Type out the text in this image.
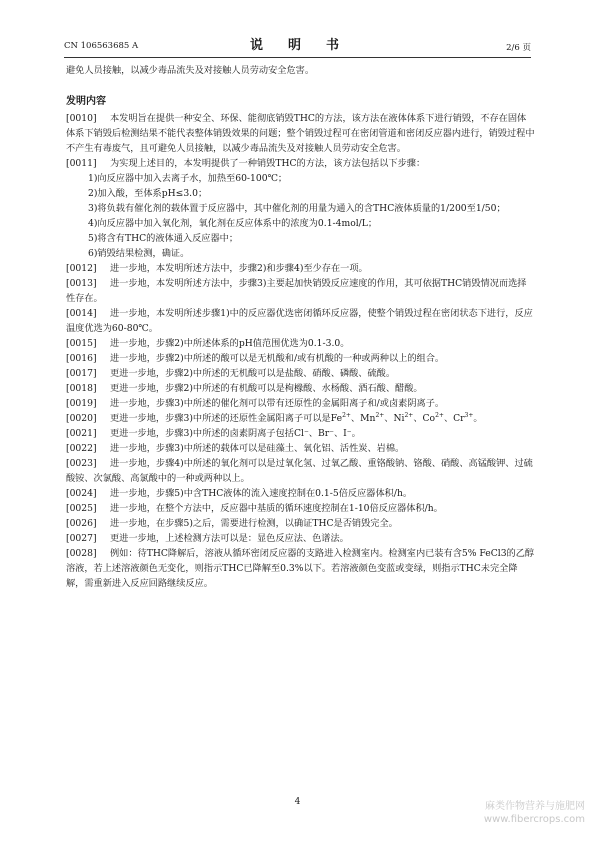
CN 106563685 A	说　明　书	2/6 页

避免人员接触，以减少毒品流失及对接触人员劳动安全危害。

发明内容

[0010] 本发明旨在提供一种安全、环保、能彻底销毁THC的方法，该方法在液体体系下进行销毁，不存在固体体系下销毁后检测结果不能代表整体销毁效果的问题；整个销毁过程可在密闭管道和密闭反应器内进行，销毁过程中不产生有毒废气，且可避免人员接触，以减少毒品流失及对接触人员劳动安全危害。

[0011] 为实现上述目的，本发明提供了一种销毁THC的方法，该方法包括以下步骤：

1)向反应器中加入去离子水，加热至60-100℃；

2)加入酸，至体系pH≤3.0；

3)将负载有催化剂的载体置于反应器中，其中催化剂的用量为通入的含THC液体质量的1/200至1/50；

4)向反应器中加入氧化剂，氧化剂在反应体系中的浓度为0.1-4mol/L；

5)将含有THC的液体通入反应器中；

6)销毁结果检测，确证。

[0012] 进一步地，本发明所述方法中，步骤2)和步骤4)至少存在一项。

[0013] 进一步地，本发明所述方法中，步骤3)主要起加快销毁反应速度的作用，其可依据THC销毁情况而选择性存在。

[0014] 进一步地，本发明所述步骤1)中的反应器优选密闭循环反应器，使整个销毁过程在密闭状态下进行，反应温度优选为60-80℃。

[0015] 进一步地，步骤2)中所述体系的pH值范围优选为0.1-3.0。

[0016] 进一步地，步骤2)中所述的酸可以是无机酸和/或有机酸的一种或两种以上的组合。

[0017] 更进一步地，步骤2)中所述的无机酸可以是盐酸、硝酸、磷酸、硫酸。

[0018] 更进一步地，步骤2)中所述的有机酸可以是枸橼酸、水杨酸、酒石酸、醋酸。

[0019] 进一步地，步骤3)中所述的催化剂可以带有还原性的金属阳离子和/或卤素阴离子。

[0020] 更进一步地，步骤3)中所述的还原性金属阳离子可以是$Fe^{2+}$、$Mn^{2+}$、$Ni^{2+}$、$Co^{2+}$、$Cr^{3+}$。

[0021] 更进一步地，步骤3)中所述的卤素阴离子包括Cl⁻、Br⁻、I⁻。

[0022] 进一步地，步骤3)中所述的载体可以是硅藻土、氧化铝、活性炭、岩棉。

[0023] 进一步地，步骤4)中所述的氧化剂可以是过氧化氢、过氧乙酸、重铬酸钠、铬酸、硝酸、高锰酸钾、过硫酸铵、次氯酸、高氯酸中的一种或两种以上。

[0024] 进一步地，步骤5)中含THC液体的流入速度控制在0.1-5倍反应器体积/h。

[0025] 进一步地，在整个方法中，反应器中基质的循环速度控制在1-10倍反应器体积/h。

[0026] 进一步地，在步骤5)之后，需要进行检测，以确证THC是否销毁完全。

[0027] 更进一步地，上述检测方法可以是：显色反应法、色谱法。

[0028] 例如：待THC降解后，溶液从循环密闭反应器的支路进入检测室内。检测室内已装有含5% FeCl3的乙醇溶液，若上述溶液颜色无变化，则指示THC已降解至0.3%以下。若溶液颜色变蓝或变绿，则指示THC未完全降解，需重新进入反应回路继续反应。

4	麻类作物营养与施肥网
www.fibercrops.com
